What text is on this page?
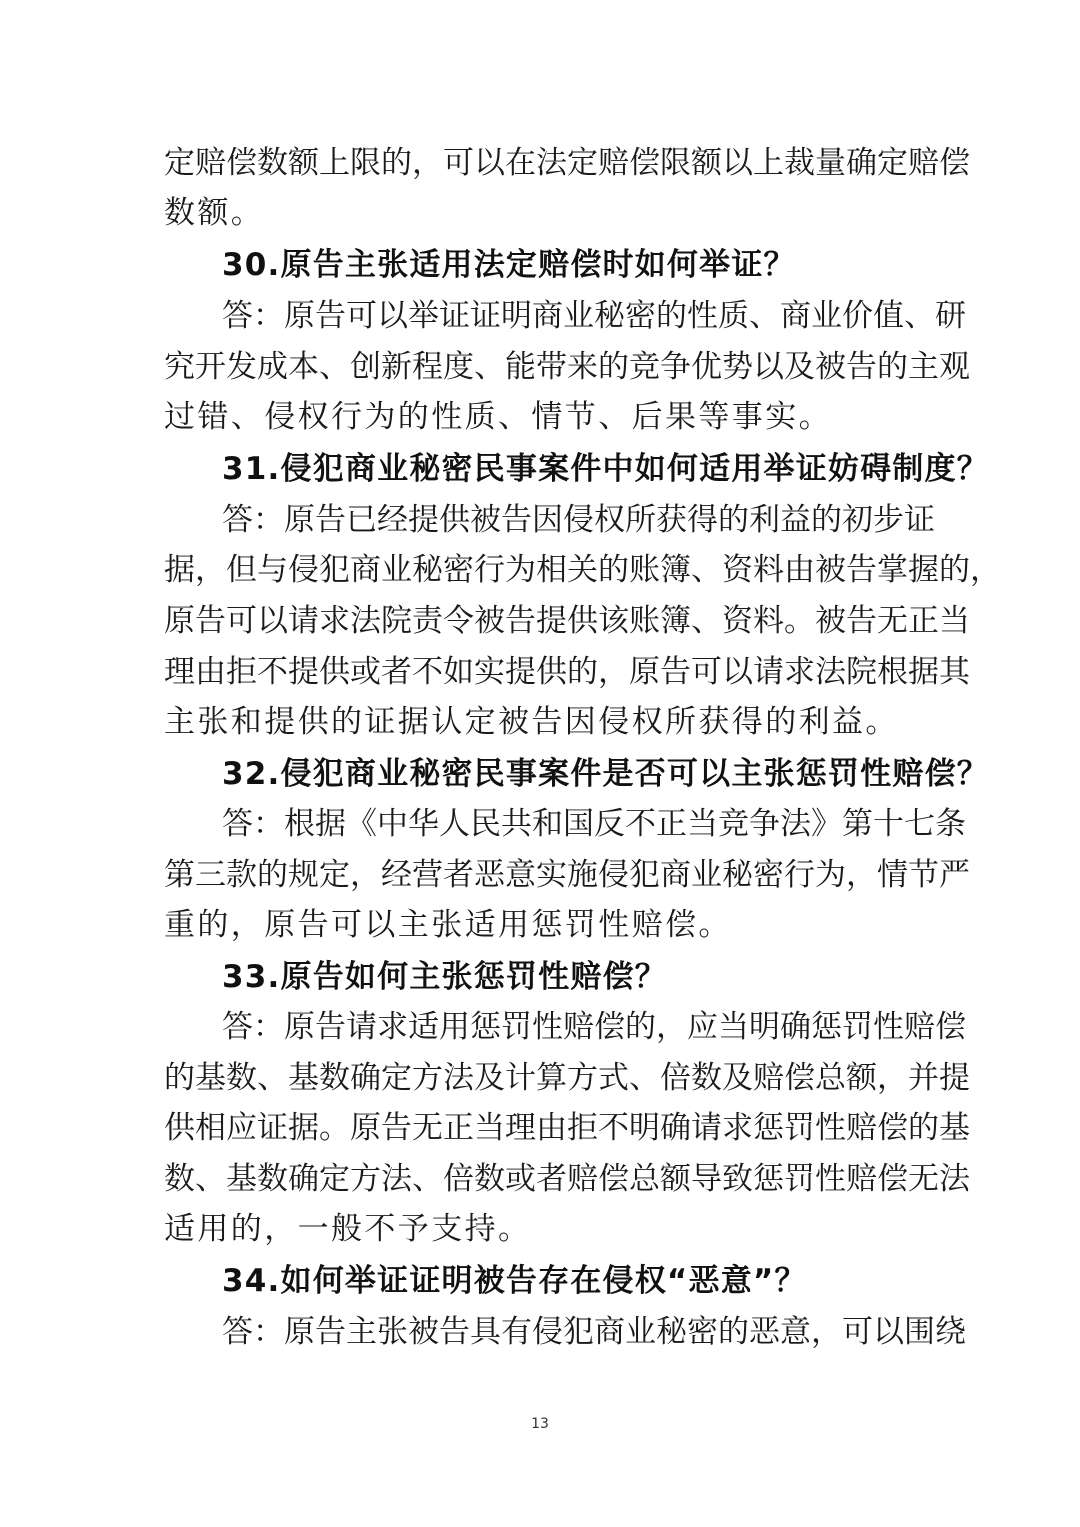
定赔偿数额上限的，可以在法定赔偿限额以上裁量确定赔偿
数额。
30.原告主张适用法定赔偿时如何举证？
答：原告可以举证证明商业秘密的性质、商业价值、研
究开发成本、创新程度、能带来的竞争优势以及被告的主观
过错、侵权行为的性质、情节、后果等事实。
31.侵犯商业秘密民事案件中如何适用举证妨碍制度？
答：原告已经提供被告因侵权所获得的利益的初步证
据，但与侵犯商业秘密行为相关的账簿、资料由被告掌握的，
原告可以请求法院责令被告提供该账簿、资料。被告无正当
理由拒不提供或者不如实提供的，原告可以请求法院根据其
主张和提供的证据认定被告因侵权所获得的利益。
32.侵犯商业秘密民事案件是否可以主张惩罚性赔偿？
答：根据《中华人民共和国反不正当竞争法》第十七条
第三款的规定，经营者恶意实施侵犯商业秘密行为，情节严
重的，原告可以主张适用惩罚性赔偿。
33.原告如何主张惩罚性赔偿？
答：原告请求适用惩罚性赔偿的，应当明确惩罚性赔偿
的基数、基数确定方法及计算方式、倍数及赔偿总额，并提
供相应证据。原告无正当理由拒不明确请求惩罚性赔偿的基
数、基数确定方法、倍数或者赔偿总额导致惩罚性赔偿无法
适用的，一般不予支持。
34.如何举证证明被告存在侵权“恶意”？
答：原告主张被告具有侵犯商业秘密的恶意，可以围绕
13
